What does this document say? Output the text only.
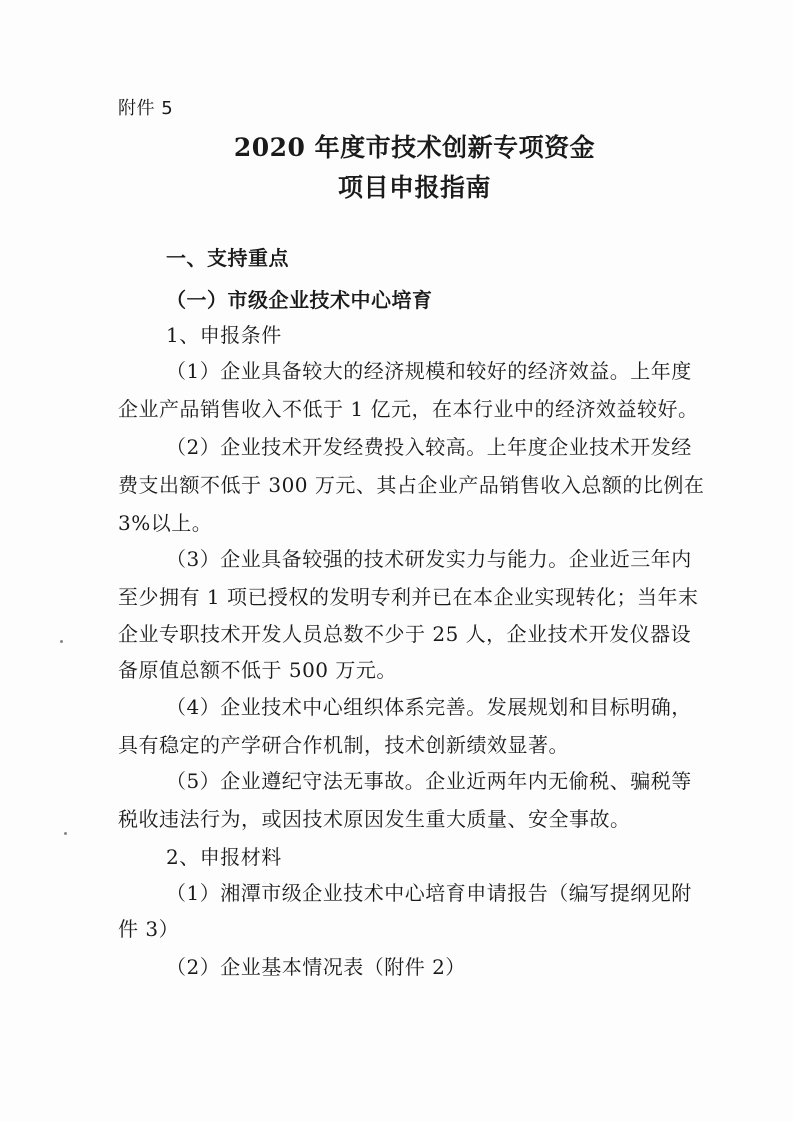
附件 5
2020 年度市技术创新专项资金
项目申报指南
一、支持重点
（一）市级企业技术中心培育
1、申报条件
（1）企业具备较大的经济规模和较好的经济效益。上年度
企业产品销售收入不低于 1 亿元，在本行业中的经济效益较好。
（2）企业技术开发经费投入较高。上年度企业技术开发经
费支出额不低于 300 万元、其占企业产品销售收入总额的比例在
3%以上。
（3）企业具备较强的技术研发实力与能力。企业近三年内
至少拥有 1 项已授权的发明专利并已在本企业实现转化；当年末
企业专职技术开发人员总数不少于 25 人，企业技术开发仪器设
备原值总额不低于 500 万元。
（4）企业技术中心组织体系完善。发展规划和目标明确，
具有稳定的产学研合作机制，技术创新绩效显著。
（5）企业遵纪守法无事故。企业近两年内无偷税、骗税等
税收违法行为，或因技术原因发生重大质量、安全事故。
2、申报材料
（1）湘潭市级企业技术中心培育申请报告（编写提纲见附
件 3）
（2）企业基本情况表（附件 2）
